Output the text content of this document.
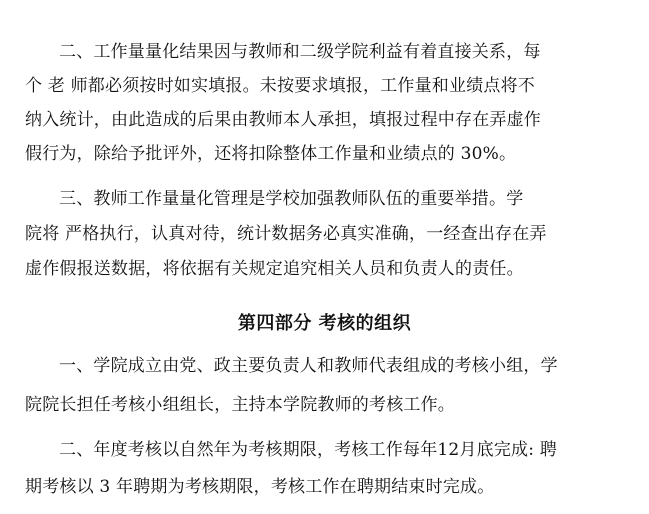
二、工作量量化结果因与教师和二级学院利益有着直接关系，每
个 老 师都必须按时如实填报。未按要求填报，工作量和业绩点将不
纳入统计，由此造成的后果由教师本人承担，填报过程中存在弄虚作
假行为，除给予批评外，还将扣除整体工作量和业绩点的 30%。
三、教师工作量量化管理是学校加强教师队伍的重要举措。学
院将 严格执行，认真对待，统计数据务必真实准确，一经查出存在弄
虚作假报送数据，将依据有关规定追究相关人员和负责人的责任。
第四部分 考核的组织
一、学院成立由党、政主要负责人和教师代表组成的考核小组，学
院院长担任考核小组组长，主持本学院教师的考核工作。
二、年度考核以自然年为考核期限，考核工作每年12月底完成: 聘
期考核以 3 年聘期为考核期限，考核工作在聘期结束时完成。
